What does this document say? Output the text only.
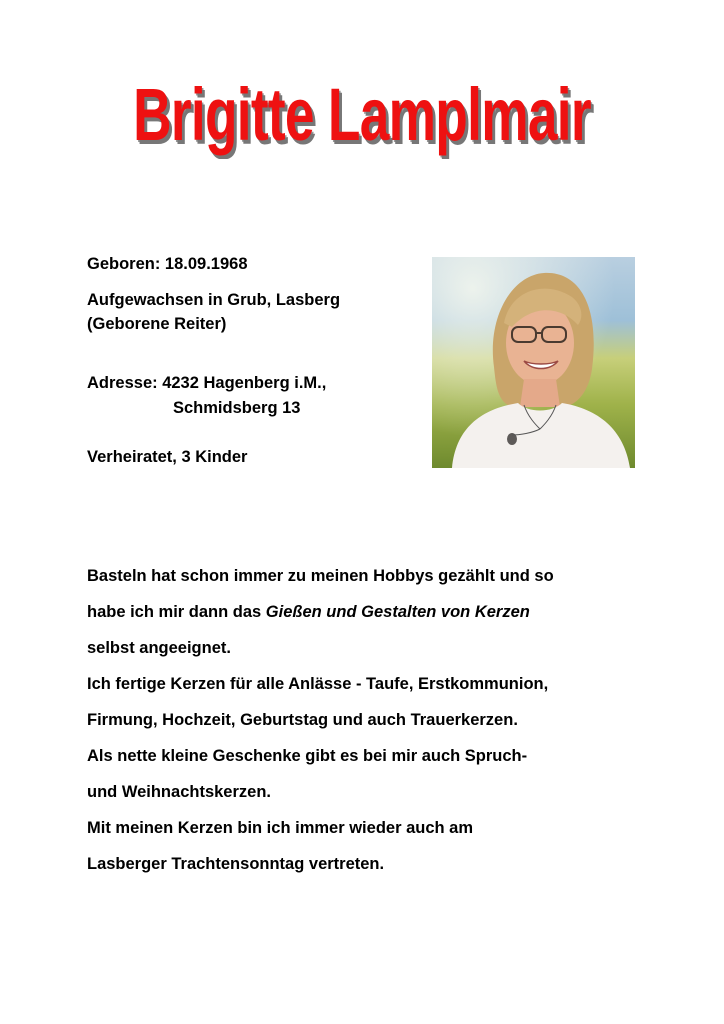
Brigitte Lamplmair
Geboren: 18.09.1968
Aufgewachsen in Grub, Lasberg
(Geborene Reiter)
Adresse: 4232 Hagenberg i.M.,
Schmidsberg 13
Verheiratet, 3 Kinder
Basteln hat schon immer zu meinen Hobbys gezählt und so
habe ich mir dann das Gießen und Gestalten von Kerzen
selbst angeeignet.
Ich fertige Kerzen für alle Anlässe - Taufe, Erstkommunion,
Firmung, Hochzeit, Geburtstag und auch Trauerkerzen.
Als nette kleine Geschenke gibt es bei mir auch Spruch-
und Weihnachtskerzen.
Mit meinen Kerzen bin ich immer wieder auch am
Lasberger Trachtensonntag vertreten.
